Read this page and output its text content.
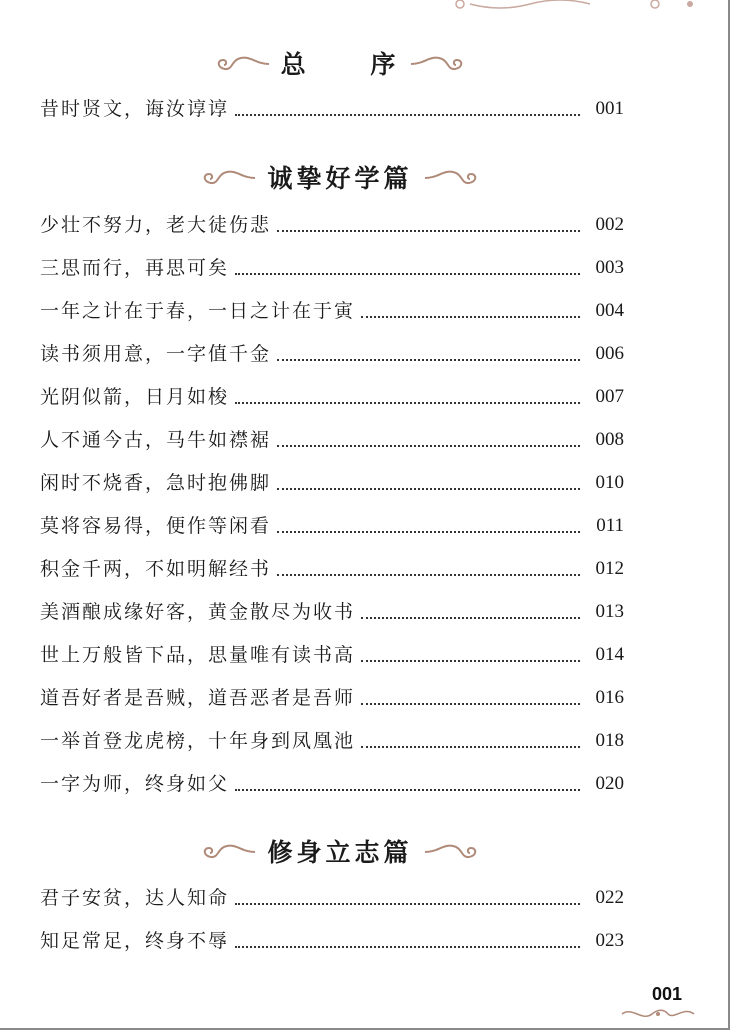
总 序
昔时贤文，诲汝谆谆	001
诚挚好学篇
少壮不努力，老大徒伤悲	002
三思而行，再思可矣	003
一年之计在于春，一日之计在于寅	004
读书须用意，一字值千金	006
光阴似箭，日月如梭	007
人不通今古，马牛如襟裾	008
闲时不烧香，急时抱佛脚	010
莫将容易得，便作等闲看	011
积金千两，不如明解经书	012
美酒酿成缘好客，黄金散尽为收书	013
世上万般皆下品，思量唯有读书高	014
道吾好者是吾贼，道吾恶者是吾师	016
一举首登龙虎榜，十年身到凤凰池	018
一字为师，终身如父	020
修身立志篇
君子安贫，达人知命	022
知足常足，终身不辱	023
001
